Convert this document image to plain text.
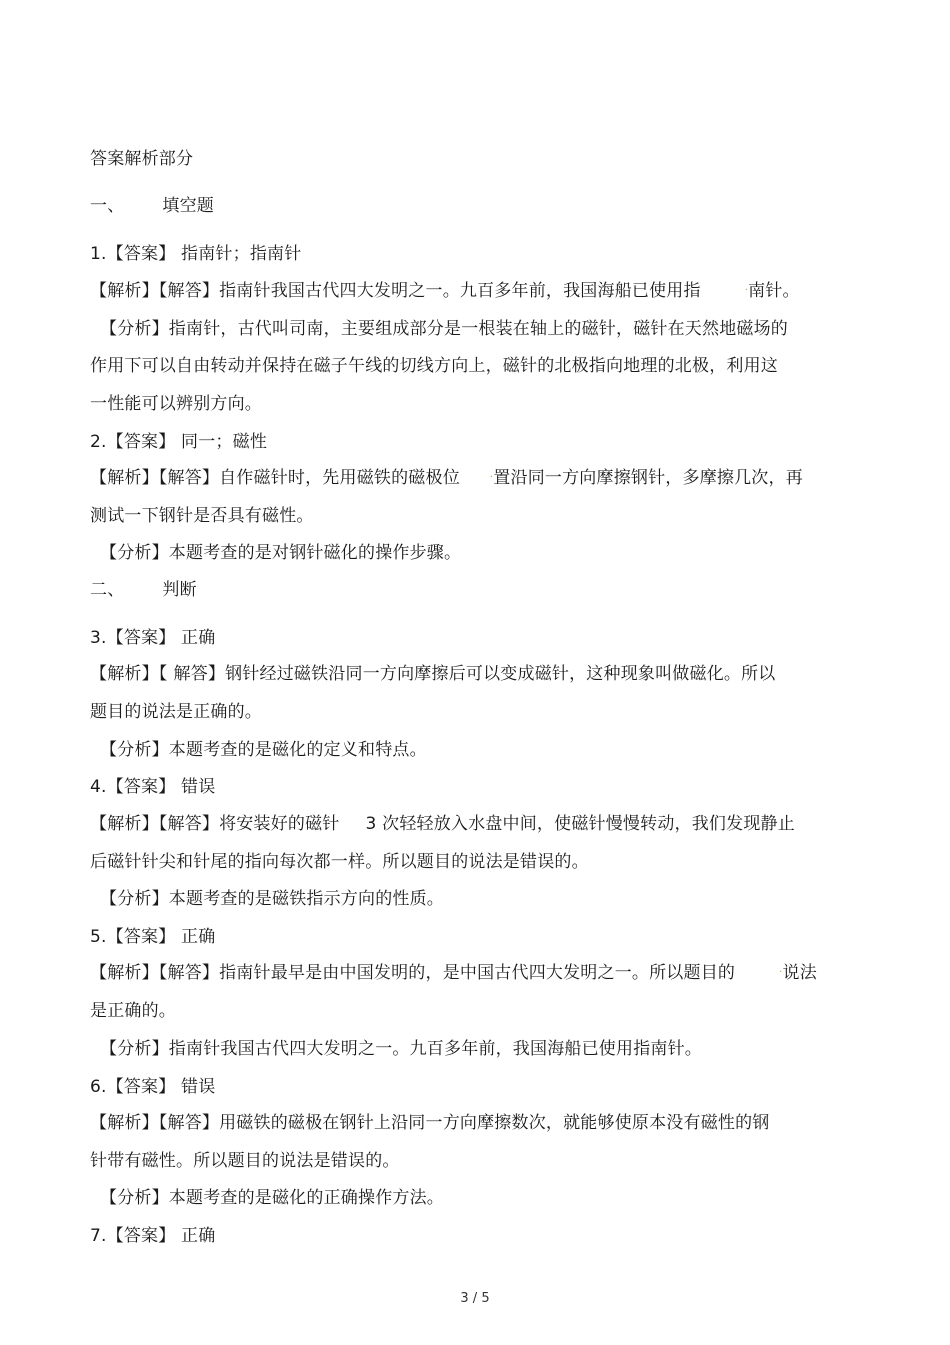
答案解析部分
一、 填空题
1.【答案】 指南针；指南针
【解析】【解答】指南针我国古代四大发明之一。九百多年前，我国海船已使用指	·南针。
【分析】指南针，古代叫司南，主要组成部分是一根装在轴上的磁针，磁针在天然地磁场的
作用下可以自由转动并保持在磁子午线的切线方向上，磁针的北极指向地理的北极，利用这
一性能可以辨别方向。
2.【答案】 同一；磁性
【解析】【解答】自作磁针时，先用磁铁的磁极位	·置沿同一方向摩擦钢针，多摩擦几次，再
测试一下钢针是否具有磁性。
【分析】本题考查的是对钢针磁化的操作步骤。
二、 判断
3.【答案】 正确
【解析】【 解答】钢针经过磁铁沿同一方向摩擦后可以变成磁针，这种现象叫做磁化。所以
题目的说法是正确的。
【分析】本题考查的是磁化的定义和特点。
4.【答案】 错误
【解析】【解答】将安装好的磁针 3 次轻轻放入水盘中间，使磁针慢慢转动，我们发现静止
后磁针针尖和针尾的指向每次都一样。所以题目的说法是错误的。
【分析】本题考查的是磁铁指示方向的性质。
5.【答案】 正确
【解析】【解答】指南针最早是由中国发明的，是中国古代四大发明之一。所以题目的	·说法
是正确的。
【分析】指南针我国古代四大发明之一。九百多年前，我国海船已使用指南针。
6.【答案】 错误
【解析】【解答】用磁铁的磁极在钢针上沿同一方向摩擦数次，就能够使原本没有磁性的钢
针带有磁性。所以题目的说法是错误的。
【分析】本题考查的是磁化的正确操作方法。
7.【答案】 正确
3 / 5
